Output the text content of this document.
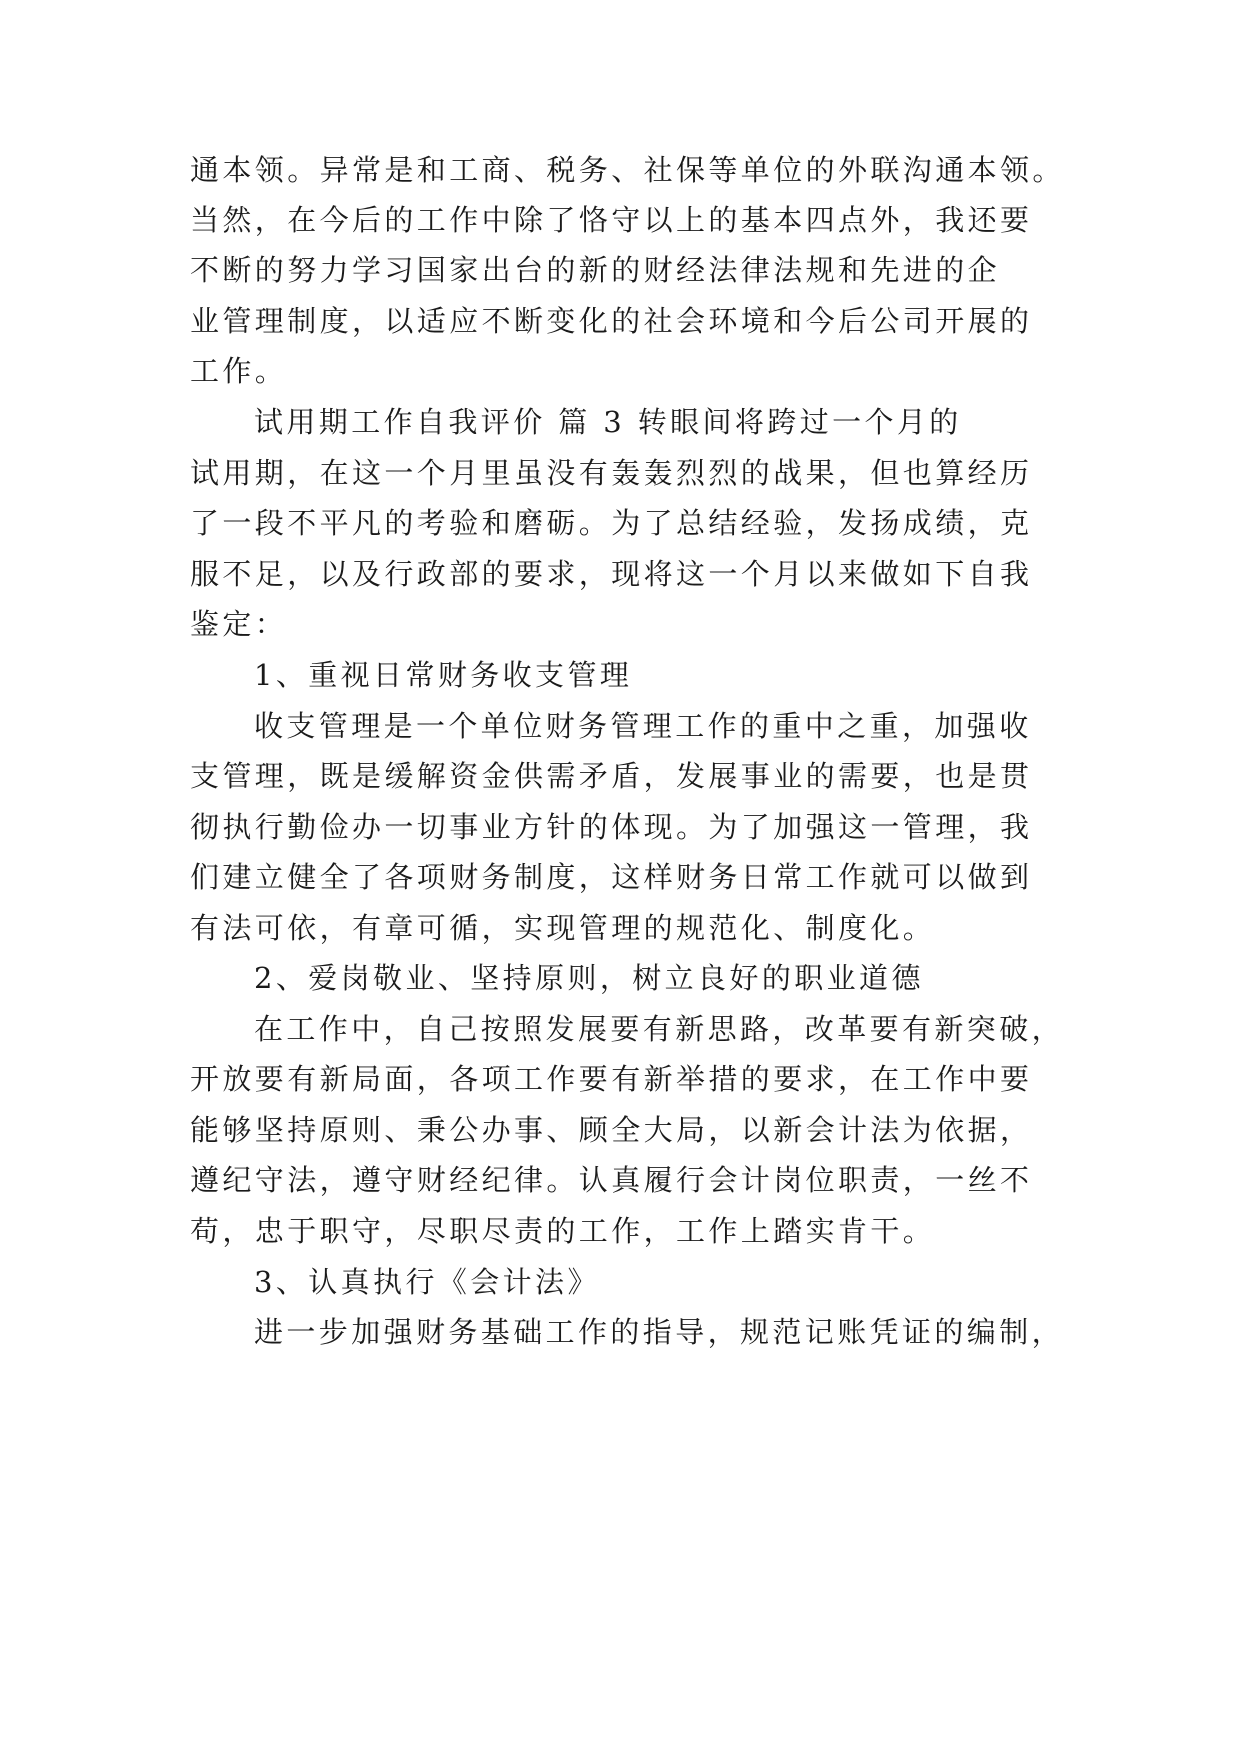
通本领。异常是和工商、税务、社保等单位的外联沟通本领。
当然，在今后的工作中除了恪守以上的基本四点外，我还要
不断的努力学习国家出台的新的财经法律法规和先进的企
业管理制度，以适应不断变化的社会环境和今后公司开展的
工作。
试用期工作自我评价 篇 3 转眼间将跨过一个月的
试用期，在这一个月里虽没有轰轰烈烈的战果，但也算经历
了一段不平凡的考验和磨砺。为了总结经验，发扬成绩，克
服不足，以及行政部的要求，现将这一个月以来做如下自我
鉴定：
1、重视日常财务收支管理
收支管理是一个单位财务管理工作的重中之重，加强收
支管理，既是缓解资金供需矛盾，发展事业的需要，也是贯
彻执行勤俭办一切事业方针的体现。为了加强这一管理，我
们建立健全了各项财务制度，这样财务日常工作就可以做到
有法可依，有章可循，实现管理的规范化、制度化。
2、爱岗敬业、坚持原则，树立良好的职业道德
在工作中，自己按照发展要有新思路，改革要有新突破，
开放要有新局面，各项工作要有新举措的要求，在工作中要
能够坚持原则、秉公办事、顾全大局，以新会计法为依据，
遵纪守法，遵守财经纪律。认真履行会计岗位职责，一丝不
苟，忠于职守，尽职尽责的工作，工作上踏实肯干。
3、认真执行《会计法》
进一步加强财务基础工作的指导，规范记账凭证的编制，
